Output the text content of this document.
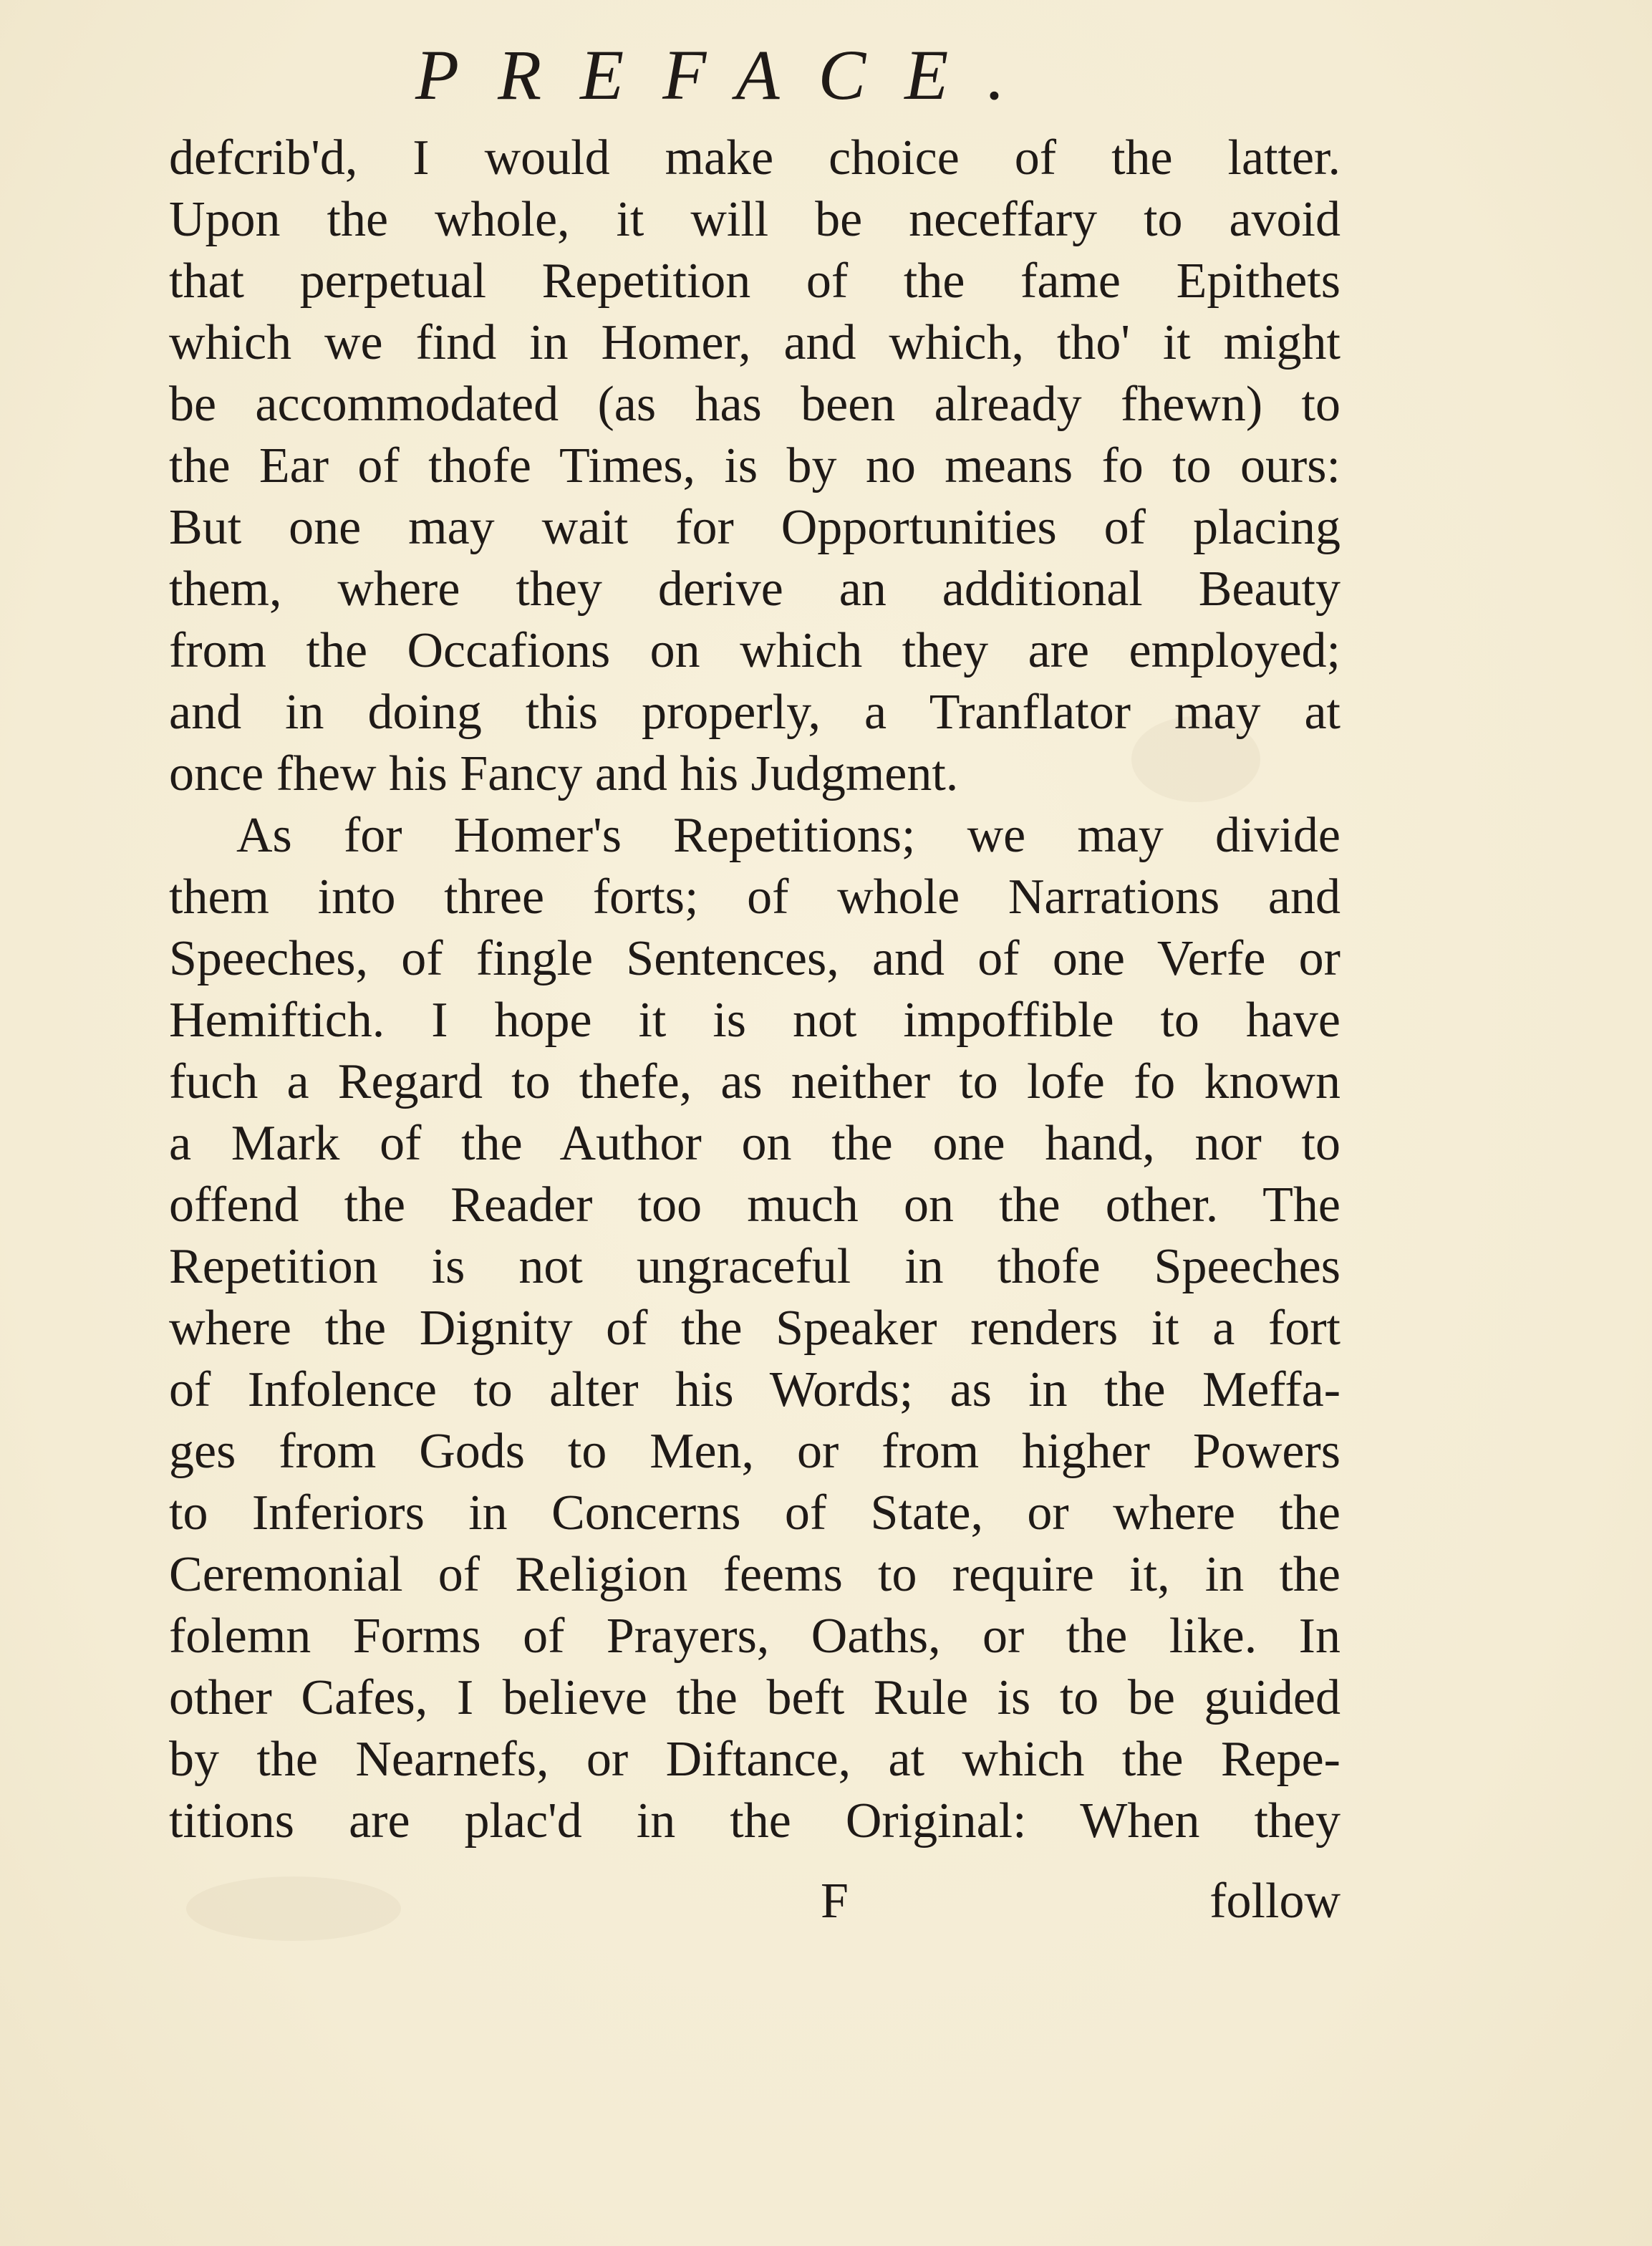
PREFACE.
defcrib'd, I would make choice of the latter.
Upon the whole, it will be neceffary to avoid
that perpetual Repetition of the fame Epithets
which we find in Homer, and which, tho' it might
be accommodated (as has been already fhewn) to
the Ear of thofe Times, is by no means fo to ours:
But one may wait for Opportunities of placing
them, where they derive an additional Beauty
from the Occafions on which they are employed;
and in doing this properly, a Tranflator may at
once fhew his Fancy and his Judgment.
As for Homer's Repetitions; we may divide
them into three forts; of whole Narrations and
Speeches, of fingle Sentences, and of one Verfe or
Hemiftich. I hope it is not impoffible to have
fuch a Regard to thefe, as neither to lofe fo known
a Mark of the Author on the one hand, nor to
offend the Reader too much on the other. The
Repetition is not ungraceful in thofe Speeches
where the Dignity of the Speaker renders it a fort
of Infolence to alter his Words; as in the Meffa-
ges from Gods to Men, or from higher Powers
to Inferiors in Concerns of State, or where the
Ceremonial of Religion feems to require it, in the
folemn Forms of Prayers, Oaths, or the like. In
other Cafes, I believe the beft Rule is to be guided
by the Nearnefs, or Diftance, at which the Repe-
titions are plac'd in the Original: When they
F	follow
